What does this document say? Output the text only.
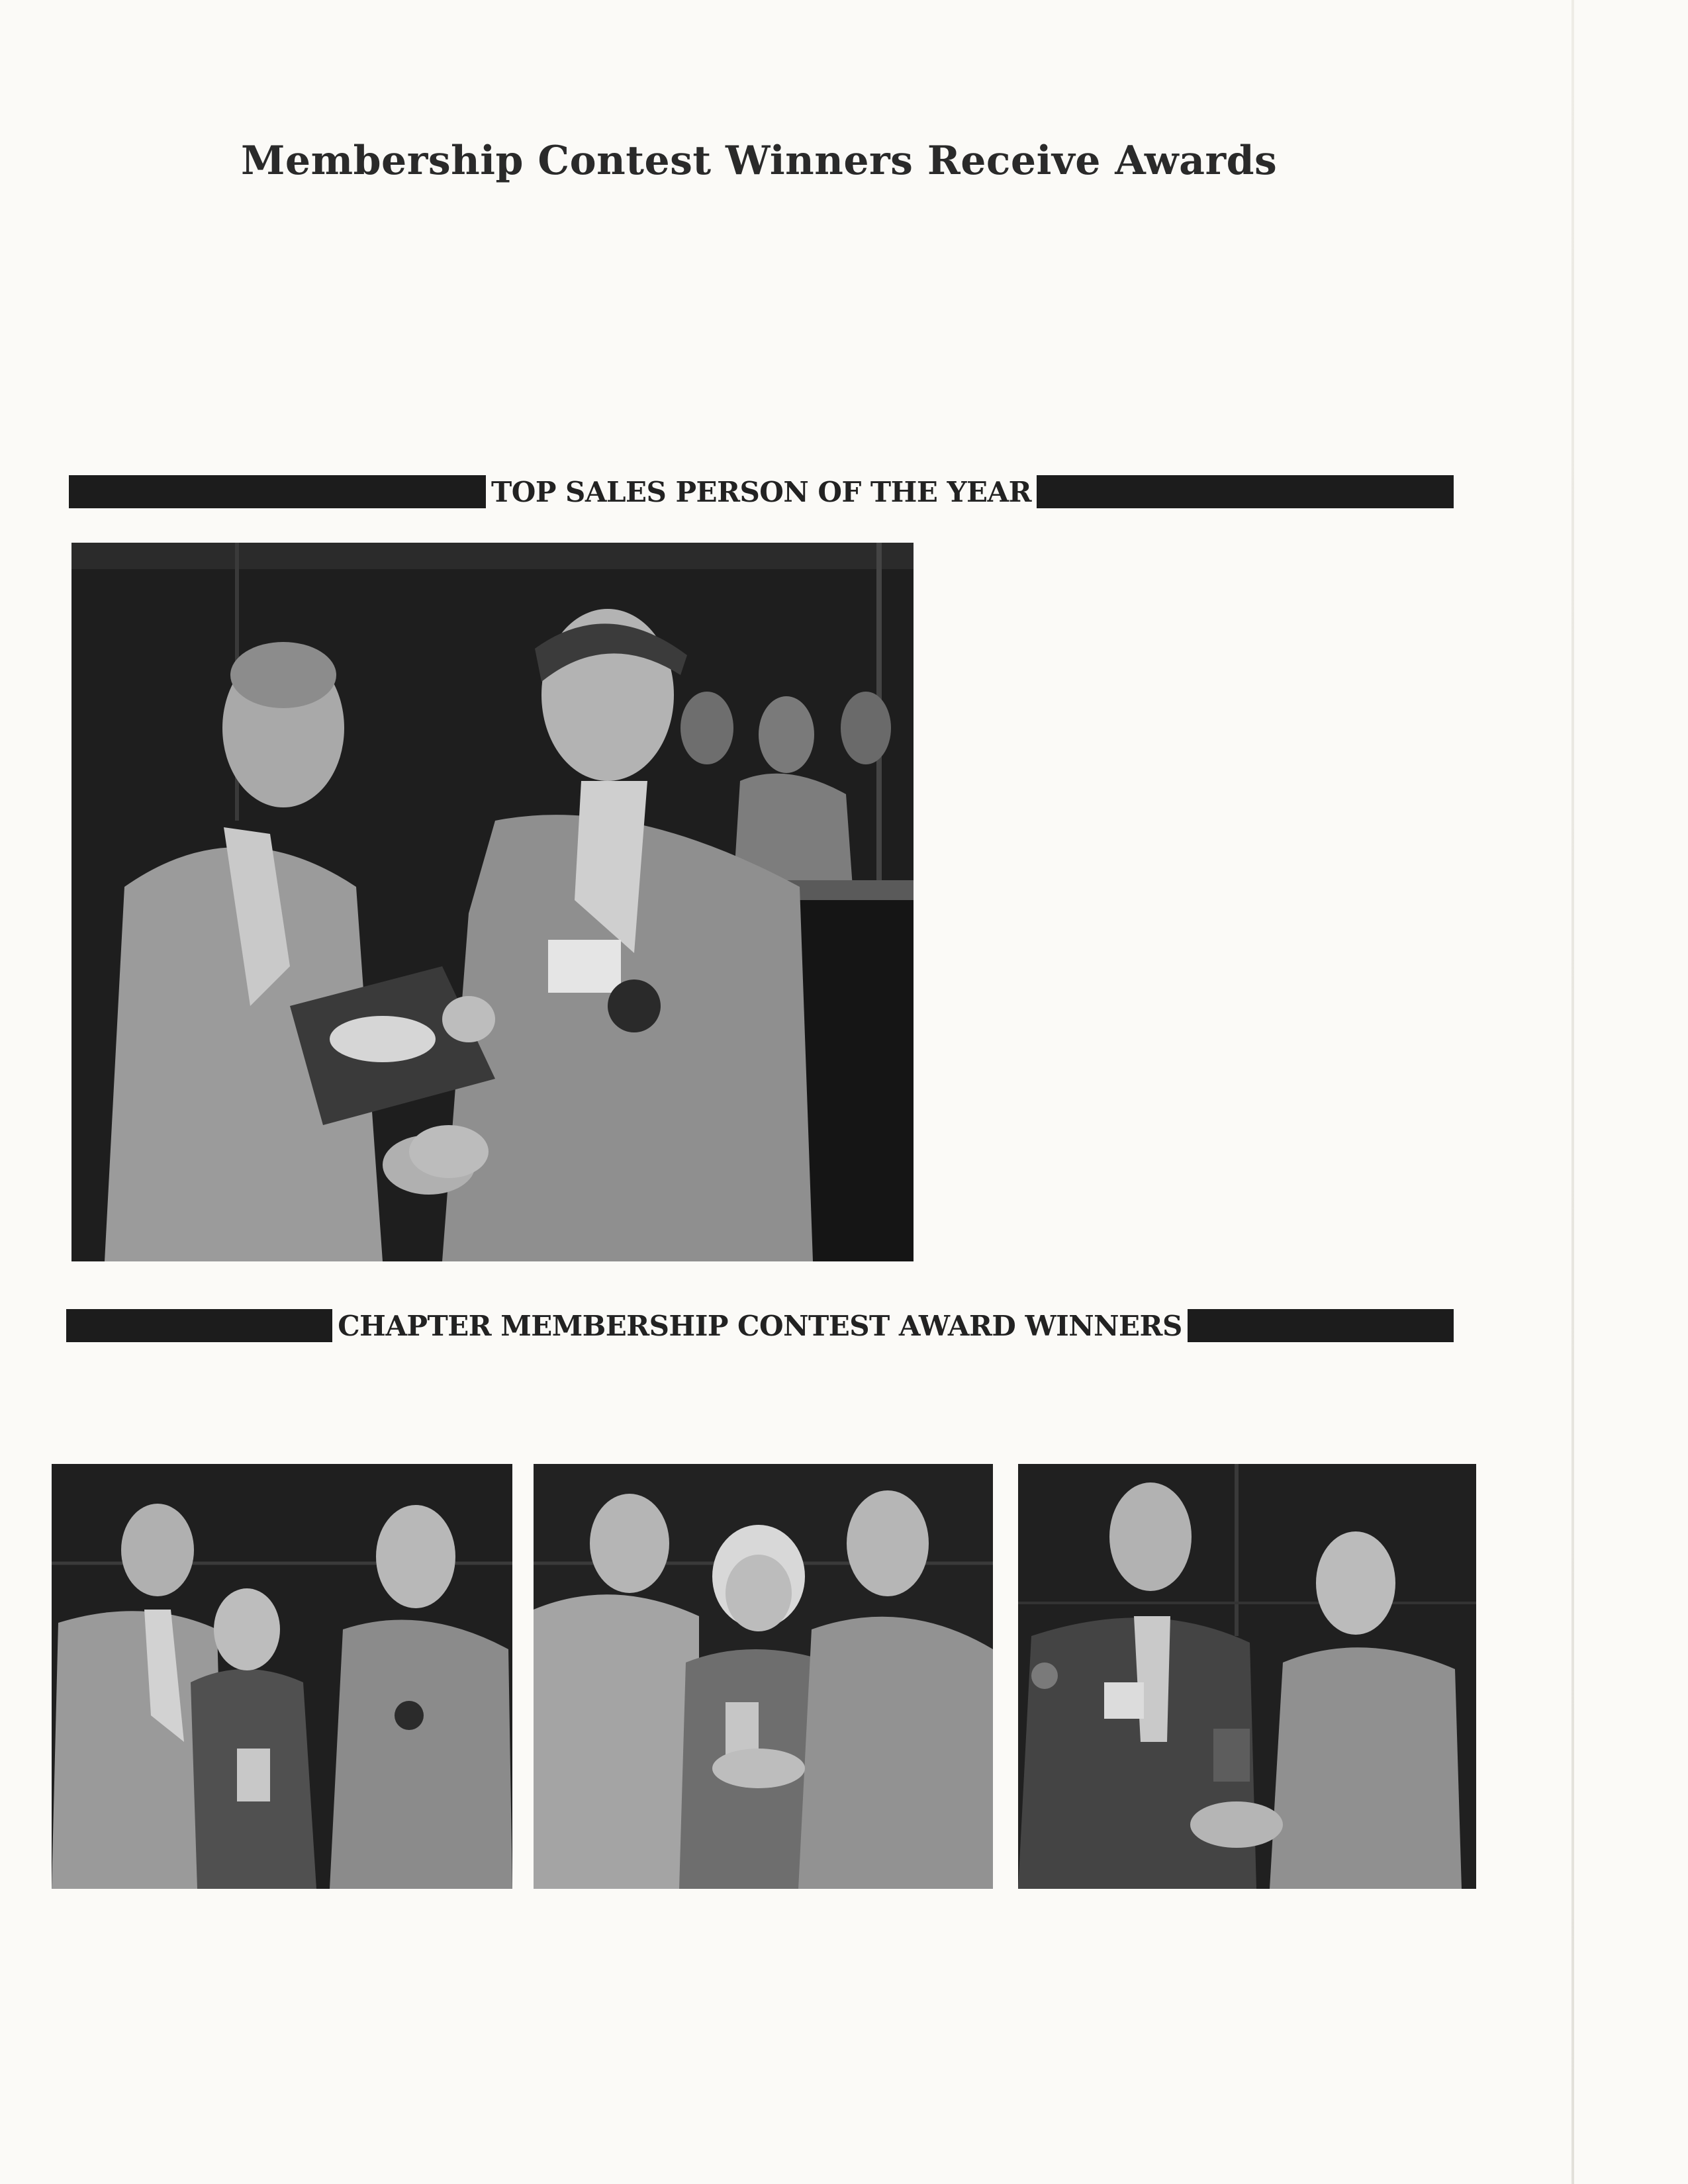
Membership Contest Winners Receive Awards
TOP SALES PERSON OF THE YEAR
CHAPTER MEMBERSHIP CONTEST AWARD WINNERS
